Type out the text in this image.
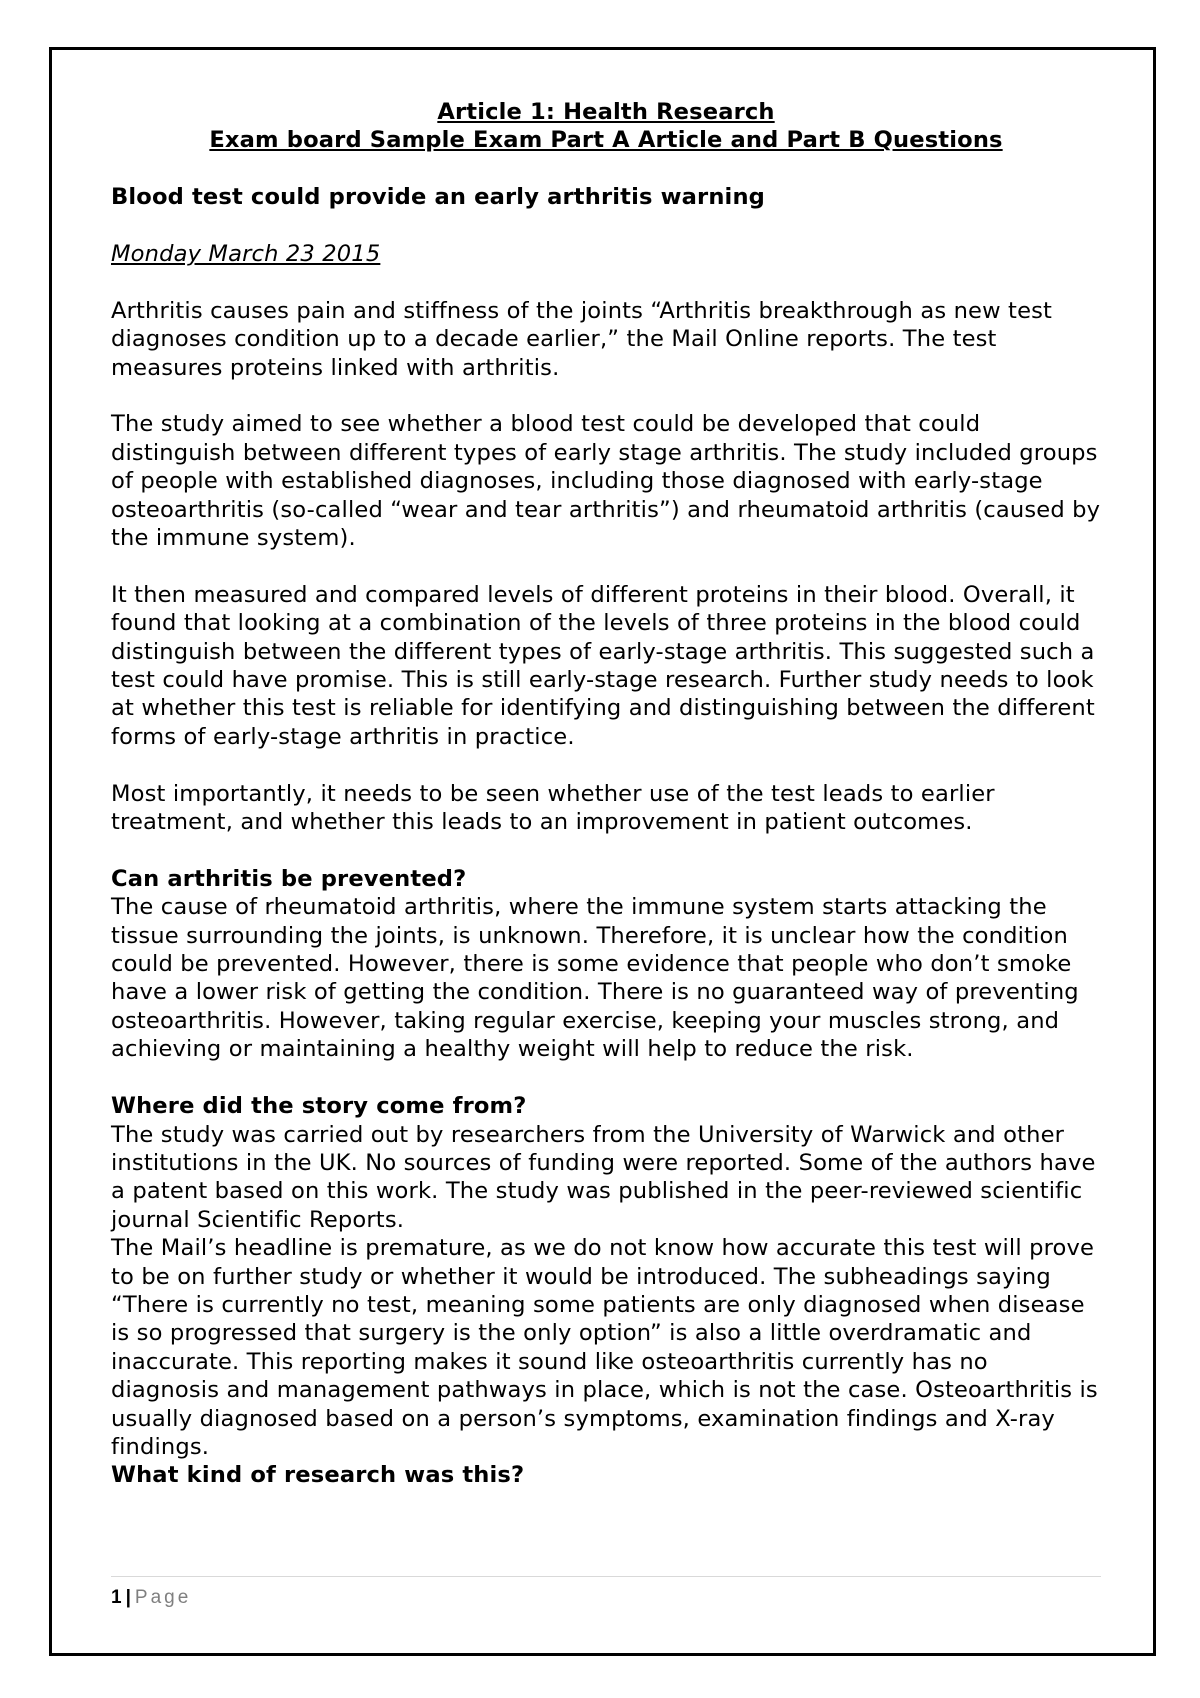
Article 1: Health Research
Exam board Sample Exam Part A Article and Part B Questions
Blood test could provide an early arthritis warning
Monday March 23 2015

Arthritis causes pain and stiffness of the joints “Arthritis breakthrough as new test diagnoses condition up to a decade earlier,” the Mail Online reports. The test measures proteins linked with arthritis.

The study aimed to see whether a blood test could be developed that could distinguish between different types of early stage arthritis. The study included groups of people with established diagnoses, including those diagnosed with early-stage osteoarthritis (so-called “wear and tear arthritis”) and rheumatoid arthritis (caused by the immune system).

It then measured and compared levels of different proteins in their blood. Overall, it found that looking at a combination of the levels of three proteins in the blood could distinguish between the different types of early-stage arthritis. This suggested such a test could have promise. This is still early-stage research. Further study needs to look at whether this test is reliable for identifying and distinguishing between the different forms of early-stage arthritis in practice.

Most importantly, it needs to be seen whether use of the test leads to earlier treatment, and whether this leads to an improvement in patient outcomes.

Can arthritis be prevented?
The cause of rheumatoid arthritis, where the immune system starts attacking the tissue surrounding the joints, is unknown. Therefore, it is unclear how the condition could be prevented. However, there is some evidence that people who don’t smoke have a lower risk of getting the condition. There is no guaranteed way of preventing osteoarthritis. However, taking regular exercise, keeping your muscles strong, and achieving or maintaining a healthy weight will help to reduce the risk.
Where did the story come from?
The study was carried out by researchers from the University of Warwick and other institutions in the UK. No sources of funding were reported. Some of the authors have a patent based on this work. The study was published in the peer-reviewed scientific journal Scientific Reports.
The Mail’s headline is premature, as we do not know how accurate this test will prove to be on further study or whether it would be introduced. The subheadings saying “There is currently no test, meaning some patients are only diagnosed when disease is so progressed that surgery is the only option” is also a little overdramatic and inaccurate. This reporting makes it sound like osteoarthritis currently has no diagnosis and management pathways in place, which is not the case. Osteoarthritis is usually diagnosed based on a person’s symptoms, examination findings and X-ray findings.
What kind of research was this?
1 | Page
